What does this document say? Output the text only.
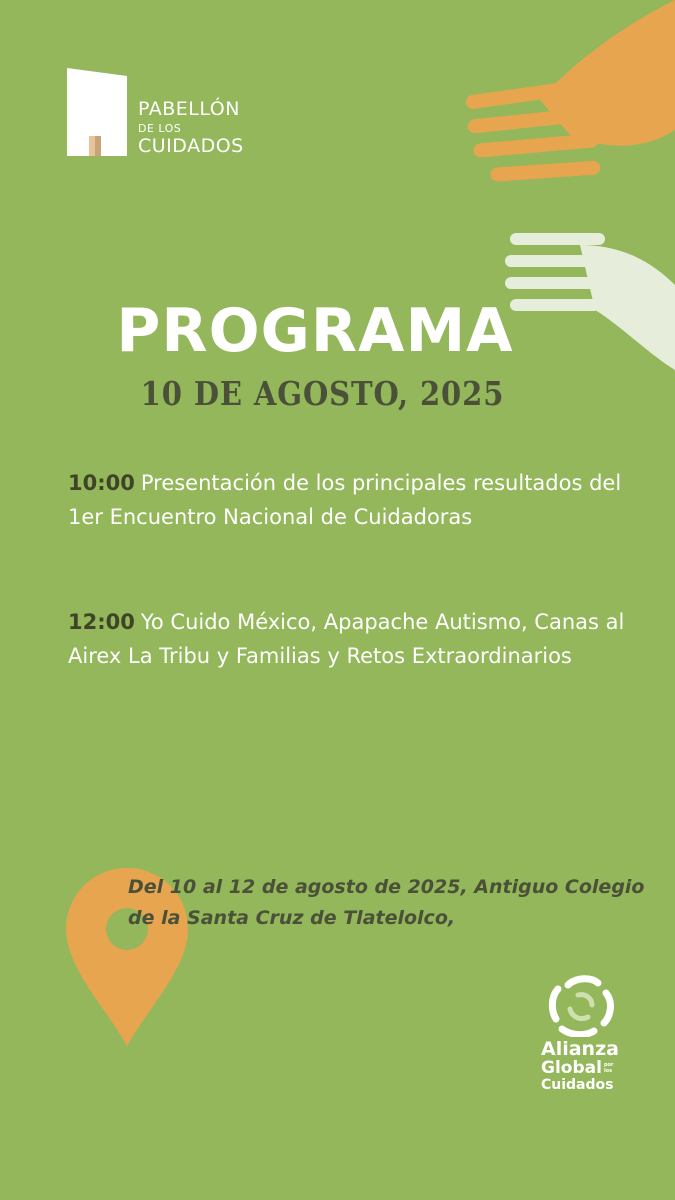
PABELLÓN
DE LOS
CUIDADOS
PROGRAMA
10 DE AGOSTO, 2025
10:00 Presentación de los principales resultados del 1er Encuentro Nacional de Cuidadoras
12:00 Yo Cuido México, Apapache Autismo, Canas al Airex La Tribu y Familias y Retos Extraordinarios
Del 10 al 12 de agosto de 2025, Antiguo Colegio de la Santa Cruz de Tlatelolco,
Alianza
Global por los
Cuidados
